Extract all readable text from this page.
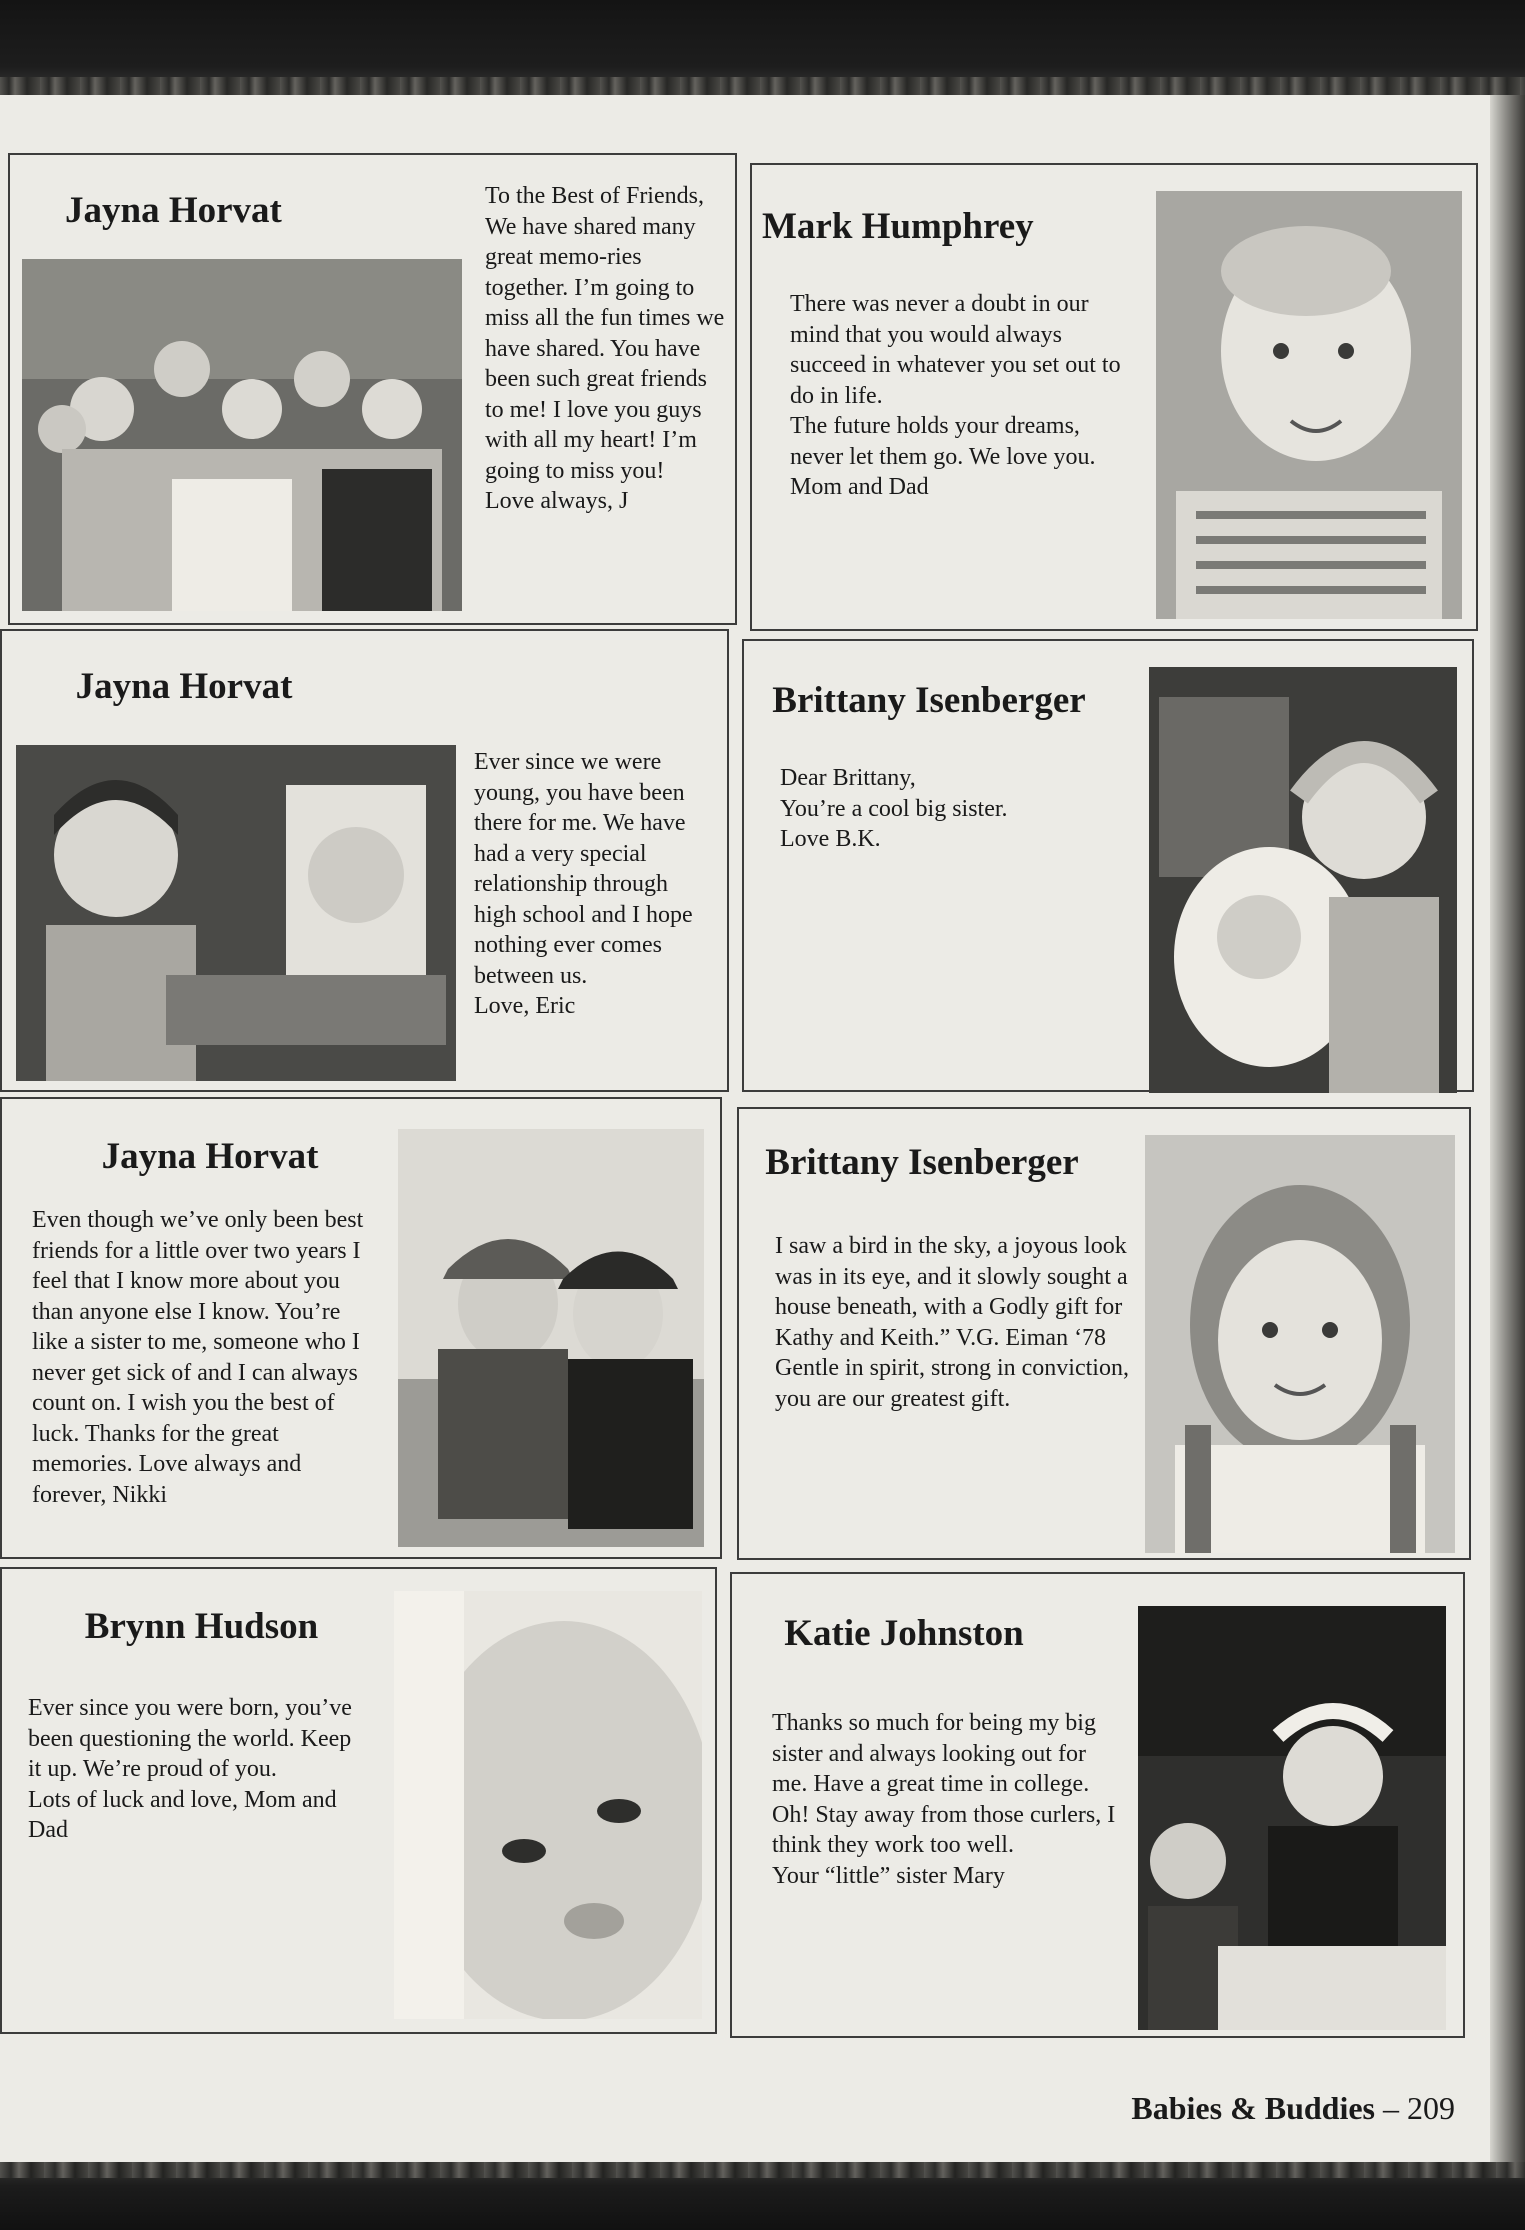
Jayna Horvat	To the Best of Friends,
We have shared many great memo-ries together. I’m going to miss all the fun times we have shared. You have been such great friends to me! I love you guys with all my heart! I’m going to miss you!
Love always, J

Mark Humphrey

There was never a doubt in our mind that you would always succeed in whatever you set out to do in life.
The future holds your dreams, never let them go. We love you.
Mom and Dad

Jayna Horvat

Ever since we were young, you have been there for me. We have had a very special relationship through high school and I hope nothing ever comes between us.
Love, Eric

Brittany Isenberger

Dear Brittany,
You’re a cool big sister.
Love B.K.

Jayna Horvat

Even though we’ve only been best friends for a little over two years I feel that I know more about you than anyone else I know. You’re like a sister to me, someone who I never get sick of and I can always count on. I wish you the best of luck. Thanks for the great memories. Love always and forever, Nikki

Brittany Isenberger

I saw a bird in the sky, a joyous look was in its eye, and it slowly sought a house beneath, with a Godly gift for Kathy and Keith.” V.G. Eiman ‘78
Gentle in spirit, strong in conviction, you are our greatest gift.

Brynn Hudson

Ever since you were born, you’ve been questioning the world. Keep it up. We’re proud of you.
Lots of luck and love, Mom and Dad

Katie Johnston

Thanks so much for being my big sister and always looking out for me. Have a great time in college. Oh! Stay away from those curlers, I think they work too well.
Your “little” sister Mary

Babies & Buddies – 209
